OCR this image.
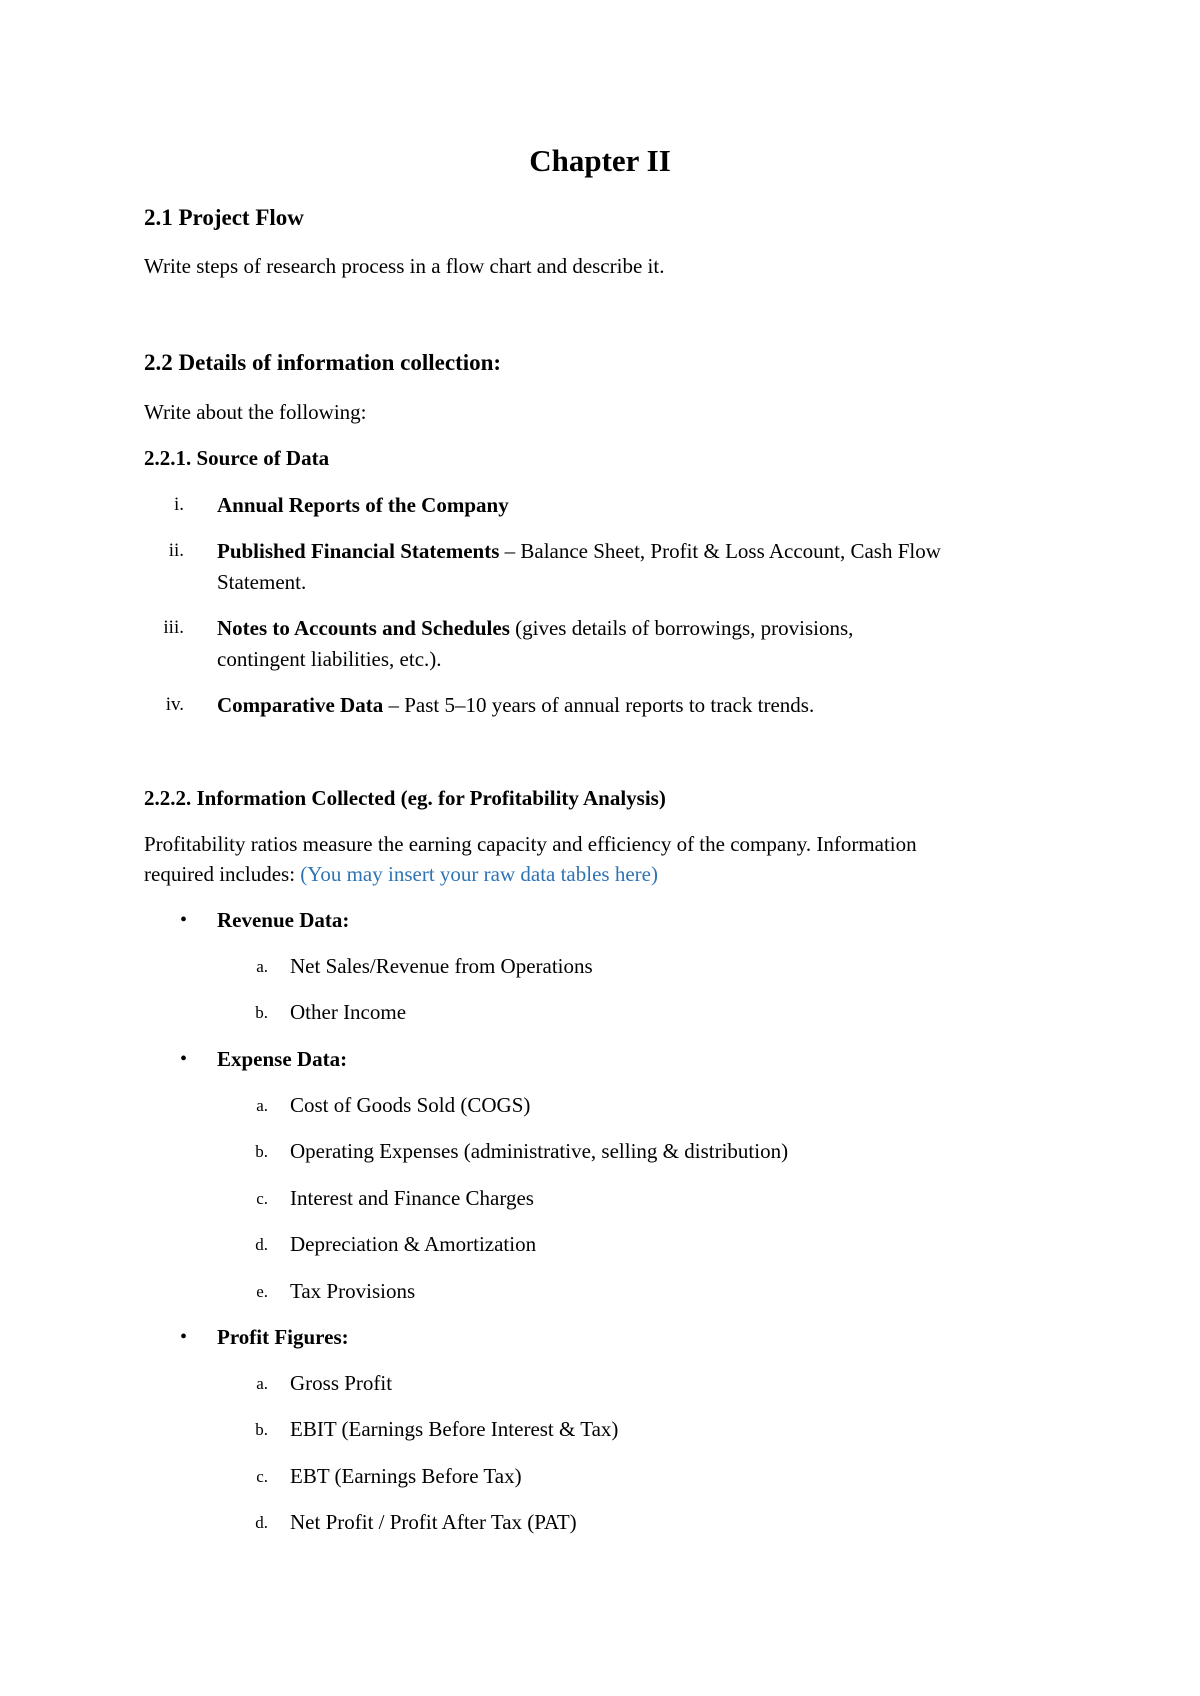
Chapter II
2.1 Project Flow
Write steps of research process in a flow chart and describe it.
2.2 Details of information collection:
Write about the following:
2.2.1. Source of Data
i. Annual Reports of the Company
ii. Published Financial Statements – Balance Sheet, Profit & Loss Account, Cash Flow
Statement.
iii. Notes to Accounts and Schedules (gives details of borrowings, provisions,
contingent liabilities, etc.).
iv. Comparative Data – Past 5–10 years of annual reports to track trends.
2.2.2. Information Collected (eg. for Profitability Analysis)
Profitability ratios measure the earning capacity and efficiency of the company. Information
required includes: (You may insert your raw data tables here)
• Revenue Data:
a. Net Sales/Revenue from Operations
b. Other Income
• Expense Data:
a. Cost of Goods Sold (COGS)
b. Operating Expenses (administrative, selling & distribution)
c. Interest and Finance Charges
d. Depreciation & Amortization
e. Tax Provisions
• Profit Figures:
a. Gross Profit
b. EBIT (Earnings Before Interest & Tax)
c. EBT (Earnings Before Tax)
d. Net Profit / Profit After Tax (PAT)
